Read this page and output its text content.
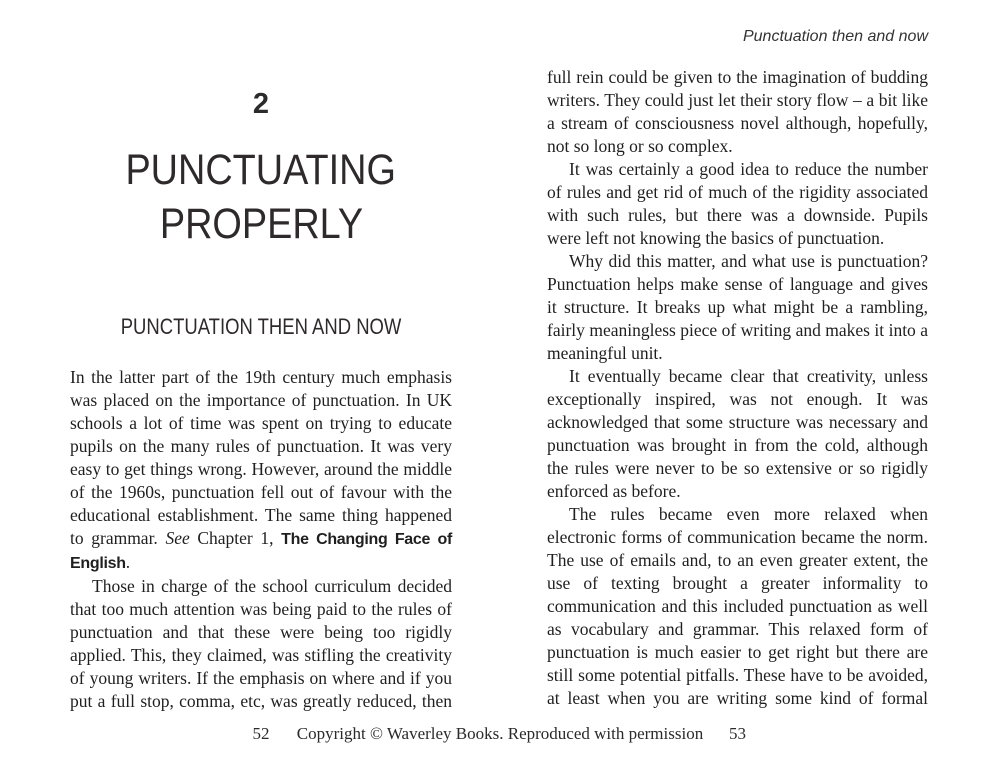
2
PUNCTUATING
PROPERLY
PUNCTUATION THEN AND NOW

In the latter part of the 19th century much emphasis was placed on the importance of punctuation. In UK schools a lot of time was spent on trying to educate pupils on the many rules of punctuation. It was very easy to get things wrong. However, around the middle of the 1960s, punctuation fell out of favour with the educational establishment. The same thing happened to grammar. See Chapter 1, The Changing Face of English.

Those in charge of the school curriculum decided that too much attention was being paid to the rules of punctuation and that these were being too rigidly applied. This, they claimed, was stifling the creativity of young writers. If the emphasis on where and if you put a full stop, comma, etc, was greatly reduced, then

Punctuation then and now

full rein could be given to the imagination of budding writers. They could just let their story flow – a bit like a stream of consciousness novel although, hopefully, not so long or so complex.

It was certainly a good idea to reduce the number of rules and get rid of much of the rigidity associated with such rules, but there was a downside. Pupils were left not knowing the basics of punctuation.

Why did this matter, and what use is punctuation? Punctuation helps make sense of language and gives it structure. It breaks up what might be a rambling, fairly meaningless piece of writing and makes it into a meaningful unit.

It eventually became clear that creativity, unless exceptionally inspired, was not enough. It was acknowledged that some structure was necessary and punctuation was brought in from the cold, although the rules were never to be so extensive or so rigidly enforced as before.

The rules became even more relaxed when electronic forms of communication became the norm. The use of emails and, to an even greater extent, the use of texting brought a greater informality to communication and this included punctuation as well as vocabulary and grammar. This relaxed form of punctuation is much easier to get right but there are still some potential pitfalls. These have to be avoided, at least when you are writing some kind of formal

Copyright © Waverley Books. Reproduced with permission
52	53
